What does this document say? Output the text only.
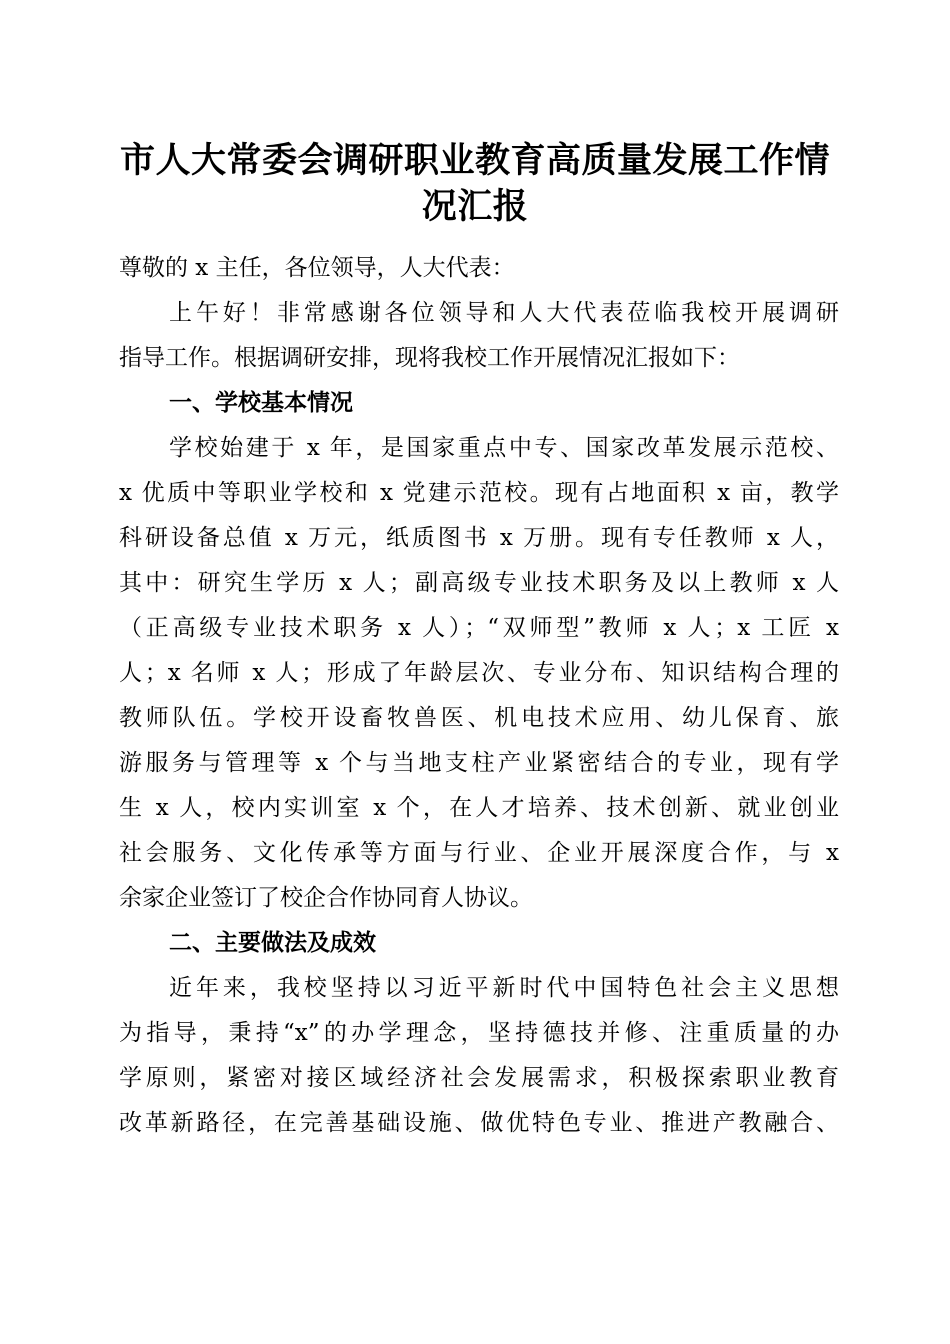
市人大常委会调研职业教育高质量发展工作情
况汇报

尊敬的 x 主任，各位领导，人大代表：

上午好！非常感谢各位领导和人大代表莅临我校开展调研

指导工作。根据调研安排，现将我校工作开展情况汇报如下：

一、学校基本情况

学校始建于 x 年，是国家重点中专、国家改革发展示范校、

x 优质中等职业学校和 x 党建示范校。现有占地面积 x 亩，教学

科研设备总值 x 万元，纸质图书 x 万册。现有专任教师 x 人，

其中：研究生学历 x 人；副高级专业技术职务及以上教师 x 人

（正高级专业技术职务 x 人）；“双师型”教师 x 人；x 工匠 x

人；x 名师 x 人；形成了年龄层次、专业分布、知识结构合理的

教师队伍。学校开设畜牧兽医、机电技术应用、幼儿保育、旅

游服务与管理等 x 个与当地支柱产业紧密结合的专业，现有学

生 x 人，校内实训室 x 个，在人才培养、技术创新、就业创业

社会服务、文化传承等方面与行业、企业开展深度合作，与 x

余家企业签订了校企合作协同育人协议。

二、主要做法及成效

近年来，我校坚持以习近平新时代中国特色社会主义思想

为指导，秉持“x”的办学理念，坚持德技并修、注重质量的办

学原则，紧密对接区域经济社会发展需求，积极探索职业教育

改革新路径，在完善基础设施、做优特色专业、推进产教融合、
